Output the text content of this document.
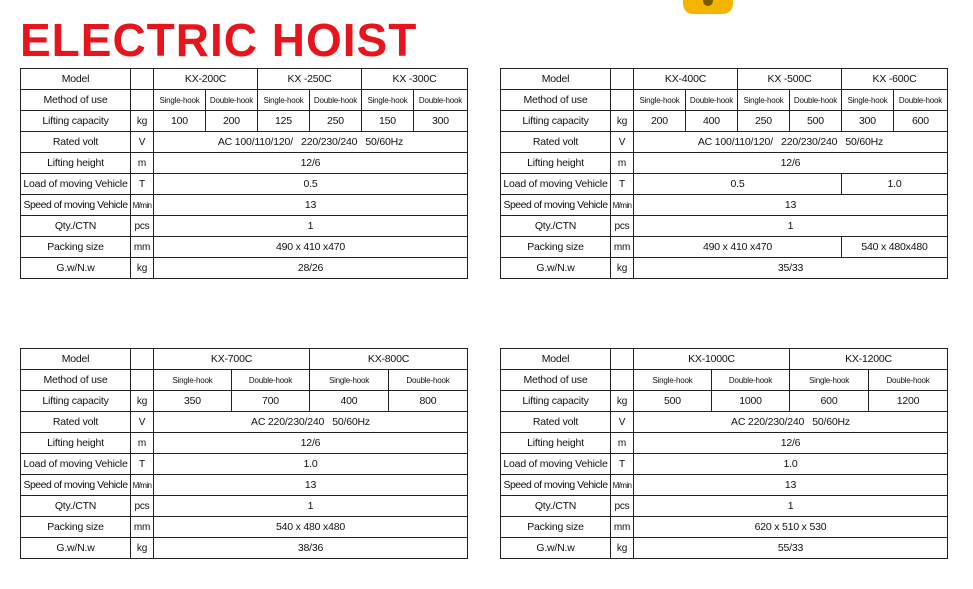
ELECTRIC HOIST
Model		KX-200C		KX -250C		KX -300C	
Method of use		Single-hook	Double-hook	Single-hook	Double-hook	Single-hook	Double-hook
Lifting capacity	kg	100	200	125	250	150	300
Rated volt	V	AC 100/110/120/   220/230/240   50/60Hz					
Lifting height	m	12/6					
Load of moving Vehicle	T	0.5					
Speed of moving Vehicle	M/min	13					
Qty./CTN	pcs	1					
Packing size	mm	490 x 410 x470					
G.w/N.w	kg	28/26					
Model		KX-400C		KX -500C		KX -600C	
Method of use		Single-hook	Double-hook	Single-hook	Double-hook	Single-hook	Double-hook
Lifting capacity	kg	200	400	250	500	300	600
Rated volt	V	AC 100/110/120/   220/230/240   50/60Hz					
Lifting height	m	12/6					
Load of moving Vehicle	T	0.5				1.0	
Speed of moving Vehicle	M/min	13					
Qty./CTN	pcs	1					
Packing size	mm	490 x 410 x470				540 x 480x480	
G.w/N.w	kg	35/33					
Model		KX-700C		KX-800C	
Method of use		Single-hook	Double-hook	Single-hook	Double-hook
Lifting capacity	kg	350	700	400	800
Rated volt	V	AC 220/230/240   50/60Hz			
Lifting height	m	12/6			
Load of moving Vehicle	T	1.0			
Speed of moving Vehicle	M/min	13			
Qty./CTN	pcs	1			
Packing size	mm	540 x 480 x480			
G.w/N.w	kg	38/36			
Model		KX-1000C		KX-1200C	
Method of use		Single-hook	Double-hook	Single-hook	Double-hook
Lifting capacity	kg	500	1000	600	1200
Rated volt	V	AC 220/230/240   50/60Hz			
Lifting height	m	12/6			
Load of moving Vehicle	T	1.0			
Speed of moving Vehicle	M/min	13			
Qty./CTN	pcs	1			
Packing size	mm	620 x 510 x 530			
G.w/N.w	kg	55/33			
